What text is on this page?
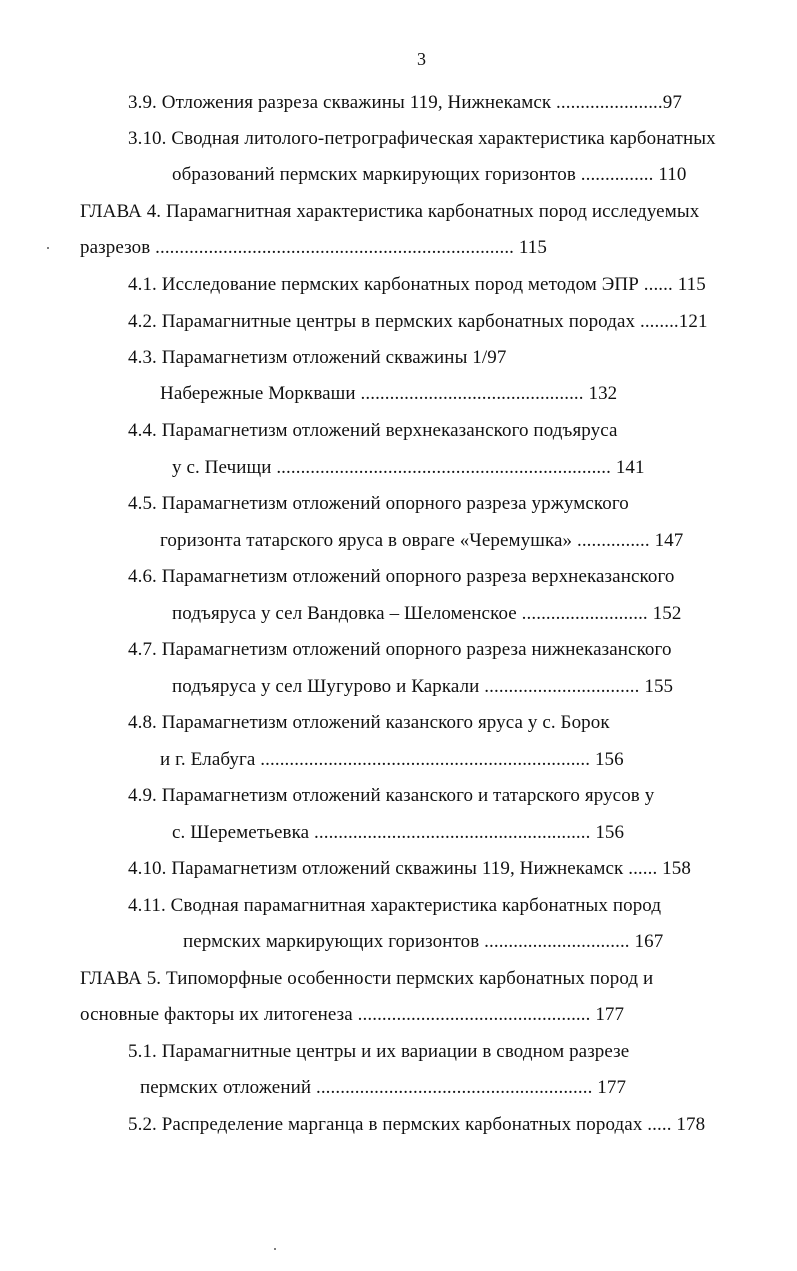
3
3.9. Отложения разреза скважины 119, Нижнекамск ......................97
3.10. Сводная литолого-петрографическая характеристика карбонатных
образований пермских маркирующих горизонтов ............... 110
ГЛАВА 4. Парамагнитная характеристика карбонатных пород исследуемых
разрезов .......................................................................... 115
4.1. Исследование пермских карбонатных пород методом ЭПР ...... 115
4.2. Парамагнитные центры в пермских карбонатных породах ........121
4.3. Парамагнетизм отложений скважины 1/97
Набережные Моркваши .............................................. 132
4.4. Парамагнетизм отложений верхнеказанского подъяруса
у с. Печищи ..................................................................... 141
4.5. Парамагнетизм отложений опорного разреза уржумского
горизонта татарского яруса в овраге «Черемушка» ............... 147
4.6. Парамагнетизм отложений опорного разреза верхнеказанского
подъяруса у сел Вандовка – Шеломенское .......................... 152
4.7. Парамагнетизм отложений опорного разреза нижнеказанского
подъяруса у сел Шугурово и Каркали ................................ 155
4.8. Парамагнетизм отложений казанского яруса у с. Борок
и г. Елабуга .................................................................... 156
4.9. Парамагнетизм отложений казанского и татарского ярусов у
с. Шереметьевка ......................................................... 156
4.10. Парамагнетизм отложений скважины 119, Нижнекамск ...... 158
4.11. Сводная парамагнитная характеристика карбонатных пород
пермских маркирующих горизонтов .............................. 167
ГЛАВА 5. Типоморфные особенности пермских карбонатных пород и
основные факторы их литогенеза ................................................ 177
5.1. Парамагнитные центры и их вариации в сводном разрезе
пермских отложений ......................................................... 177
5.2. Распределение марганца в пермских карбонатных породах ..... 178
